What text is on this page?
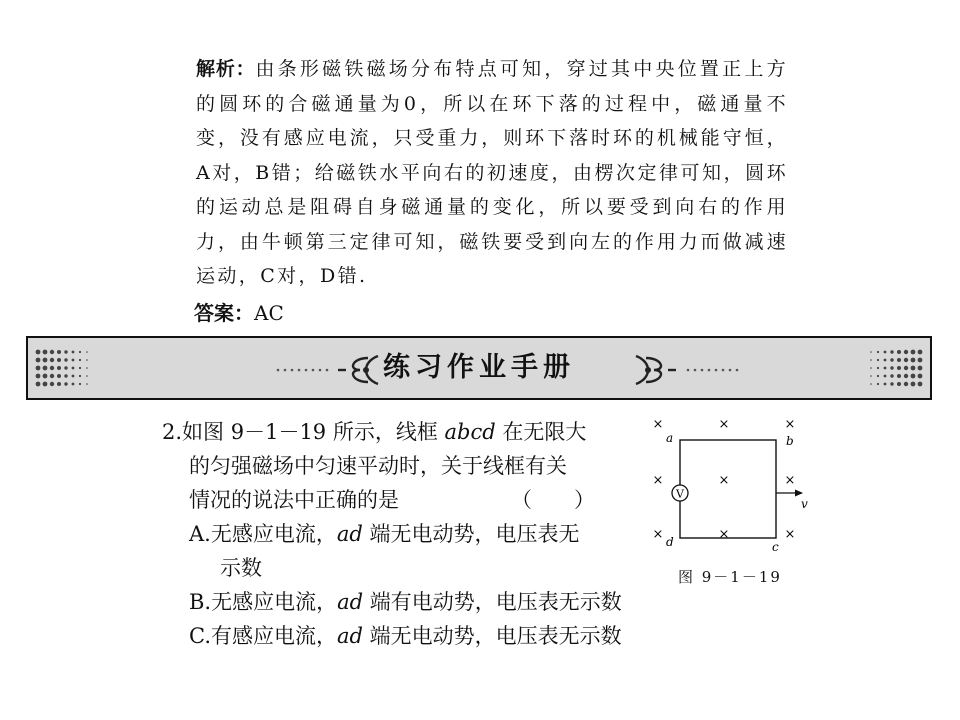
解析：由条形磁铁磁场分布特点可知，穿过其中央位置正上方的圆环的合磁通量为0，所以在环下落的过程中，磁通量不变，没有感应电流，只受重力，则环下落时环的机械能守恒，A对，B错；给磁铁水平向右的初速度，由楞次定律可知，圆环的运动总是阻碍自身磁通量的变化，所以要受到向右的作用力，由牛顿第三定律可知，磁铁要受到向左的作用力而做减速运动，C对，D错.
答案：AC
练习作业手册
2.如图 9－1－19 所示，线框 abcd 在无限大
的匀强磁场中匀速平动时，关于线框有关
情况的说法中正确的是	（　　）
A.无感应电流，ad 端无电动势，电压表无
示数
B.无感应电流，ad 端有电动势，电压表无示数
C.有感应电流，ad 端无电动势，电压表无示数
V
v
a	b
c
d
×	×	×
×	×	×
×	×	×
图 9－1－19
